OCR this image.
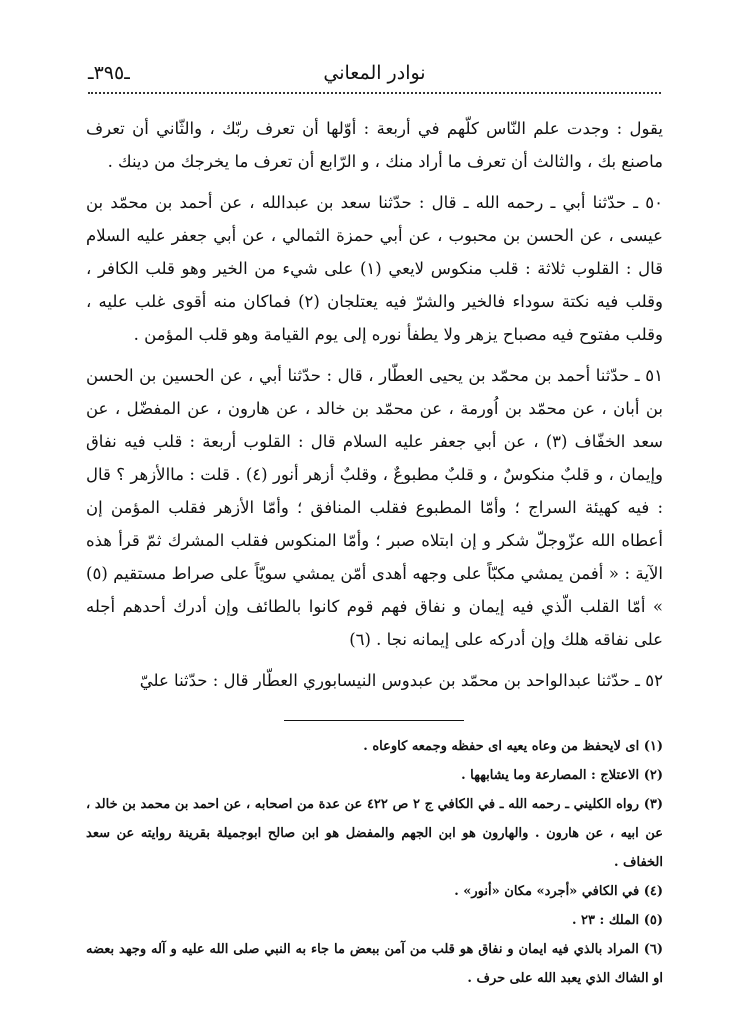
نوادر المعاني
ـ٣٩٥ـ

يقول : وجدت علم النّاس كلّهم في أربعة : أوّلها أن تعرف ربّك ، والثّاني أن تعرف ماصنع بك ، والثالث أن تعرف ما أراد منك ، و الرّابع أن تعرف ما يخرجك من دينك .

٥٠ ـ حدّثنا أبي ـ رحمه الله ـ قال : حدّثنا سعد بن عبدالله ، عن أحمد بن محمّد بن عيسى ، عن الحسن بن محبوب ، عن أبي حمزة الثمالي ، عن أبي جعفر عليه السلام قال : القلوب ثلاثة : قلب منكوس لايعي (١) على شيء من الخير وهو قلب الكافر ، وقلب فيه نكتة سوداء فالخير والشرّ فيه يعتلجان (٢) فماكان منه أقوى غلب عليه ، وقلب مفتوح فيه مصباح يزهر ولا يطفأ نوره إلى يوم القيامة وهو قلب المؤمن .

٥١ ـ حدّثنا أحمد بن محمّد بن يحيى العطّار ، قال : حدّثنا أبي ، عن الحسين بن الحسن بن أبان ، عن محمّد بن اُورمة ، عن محمّد بن خالد ، عن هارون ، عن المفضّل ، عن سعد الخفّاف (٣) ، عن أبي جعفر عليه السلام قال : القلوب أربعة : قلب فيه نفاق وإيمان ، و قلبٌ منكوسٌ ، و قلبٌ مطبوعٌ ، وقلبٌ أزهر أنور (٤) . قلت : ماالأزهر ؟ قال : فيه كهيئة السراج ؛ وأمّا المطبوع فقلب المنافق ؛ وأمّا الأزهر فقلب المؤمن إن أعطاه الله عزّوجلّ شكر و إن ابتلاه صبر ؛ وأمّا المنكوس فقلب المشرك ثمّ قرأ هذه الآية : « أفمن يمشي مكبّاً على وجهه أهدى أمّن يمشي سويّاً على صراط مستقيم (٥) » أمّا القلب الّذي فيه إيمان و نفاق فهم قوم كانوا بالطائف وإن أدرك أحدهم أجله على نفاقه هلك وإن أدركه على إيمانه نجا . (٦)

٥٢ ـ حدّثنا عبدالواحد بن محمّد بن عبدوس النيسابوري العطّار قال : حدّثنا عليّ

(١) اى لايحفظ من وعاه يعيه اى حفظه وجمعه كاوعاه .

(٢) الاعتلاج : المصارعة وما يشابهها .

(٣) رواه الكليني ـ رحمه الله ـ في الكافي ج ٢ ص ٤٢٢ عن عدة من اصحابه ، عن احمد بن محمد بن خالد ، عن ابيه ، عن هارون . والهارون هو ابن الجهم والمفضل هو ابن صالح ابوجميلة بقرينة روايته عن سعد الخفاف .

(٤) في الكافي «أجرد» مكان «أنور» .

(٥) الملك : ٢٣ .

(٦) المراد بالذي فيه ايمان و نفاق هو قلب من آمن ببعض ما جاء به النبي صلى الله عليه و آله وجهد بعضه او الشاك الذي يعبد الله على حرف .
